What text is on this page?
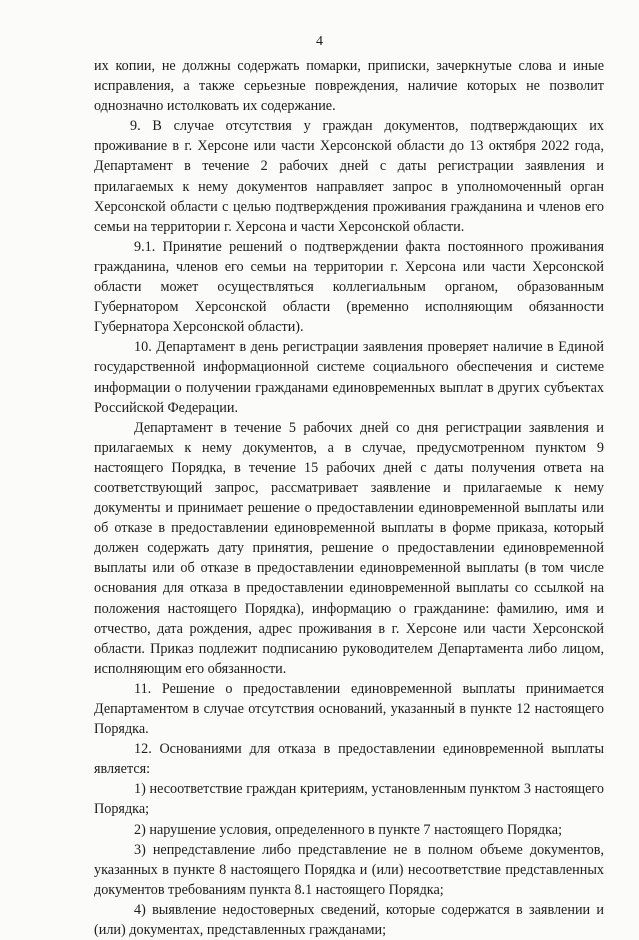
4

их копии, не должны содержать помарки, приписки, зачеркнутые слова и иные исправления, а также серьезные повреждения, наличие которых не позволит однозначно истолковать их содержание.

9. В случае отсутствия у граждан документов, подтверждающих их проживание в г. Херсоне или части Херсонской области до 13 октября 2022 года, Департамент в течение 2 рабочих дней с даты регистрации заявления и прилагаемых к нему документов направляет запрос в уполномоченный орган Херсонской области с целью подтверждения проживания гражданина и членов его семьи на территории г. Херсона и части Херсонской области.

9.1. Принятие решений о подтверждении факта постоянного проживания гражданина, членов его семьи на территории г. Херсона или части Херсонской области может осуществляться коллегиальным органом, образованным Губернатором Херсонской области (временно исполняющим обязанности Губернатора Херсонской области).

10. Департамент в день регистрации заявления проверяет наличие в Единой государственной информационной системе социального обеспечения и системе информации о получении гражданами единовременных выплат в других субъектах Российской Федерации.

Департамент в течение 5 рабочих дней со дня регистрации заявления и прилагаемых к нему документов, а в случае, предусмотренном пунктом 9 настоящего Порядка, в течение 15 рабочих дней с даты получения ответа на соответствующий запрос, рассматривает заявление и прилагаемые к нему документы и принимает решение о предоставлении единовременной выплаты или об отказе в предоставлении единовременной выплаты в форме приказа, который должен содержать дату принятия, решение о предоставлении единовременной выплаты или об отказе в предоставлении единовременной выплаты (в том числе основания для отказа в предоставлении единовременной выплаты со ссылкой на положения настоящего Порядка), информацию о гражданине: фамилию, имя и отчество, дата рождения, адрес проживания в г. Херсоне или части Херсонской области. Приказ подлежит подписанию руководителем Департамента либо лицом, исполняющим его обязанности.

11. Решение о предоставлении единовременной выплаты принимается Департаментом в случае отсутствия оснований, указанный в пункте 12 настоящего Порядка.

12. Основаниями для отказа в предоставлении единовременной выплаты является:

1) несоответствие граждан критериям, установленным пунктом 3 настоящего Порядка;

2) нарушение условия, определенного в пункте 7 настоящего Порядка;

3) непредставление либо представление не в полном объеме документов, указанных в пункте 8 настоящего Порядка и (или) несоответствие представленных документов требованиям пункта 8.1 настоящего Порядка;

4) выявление недостоверных сведений, которые содержатся в заявлении и (или) документах, представленных гражданами;
